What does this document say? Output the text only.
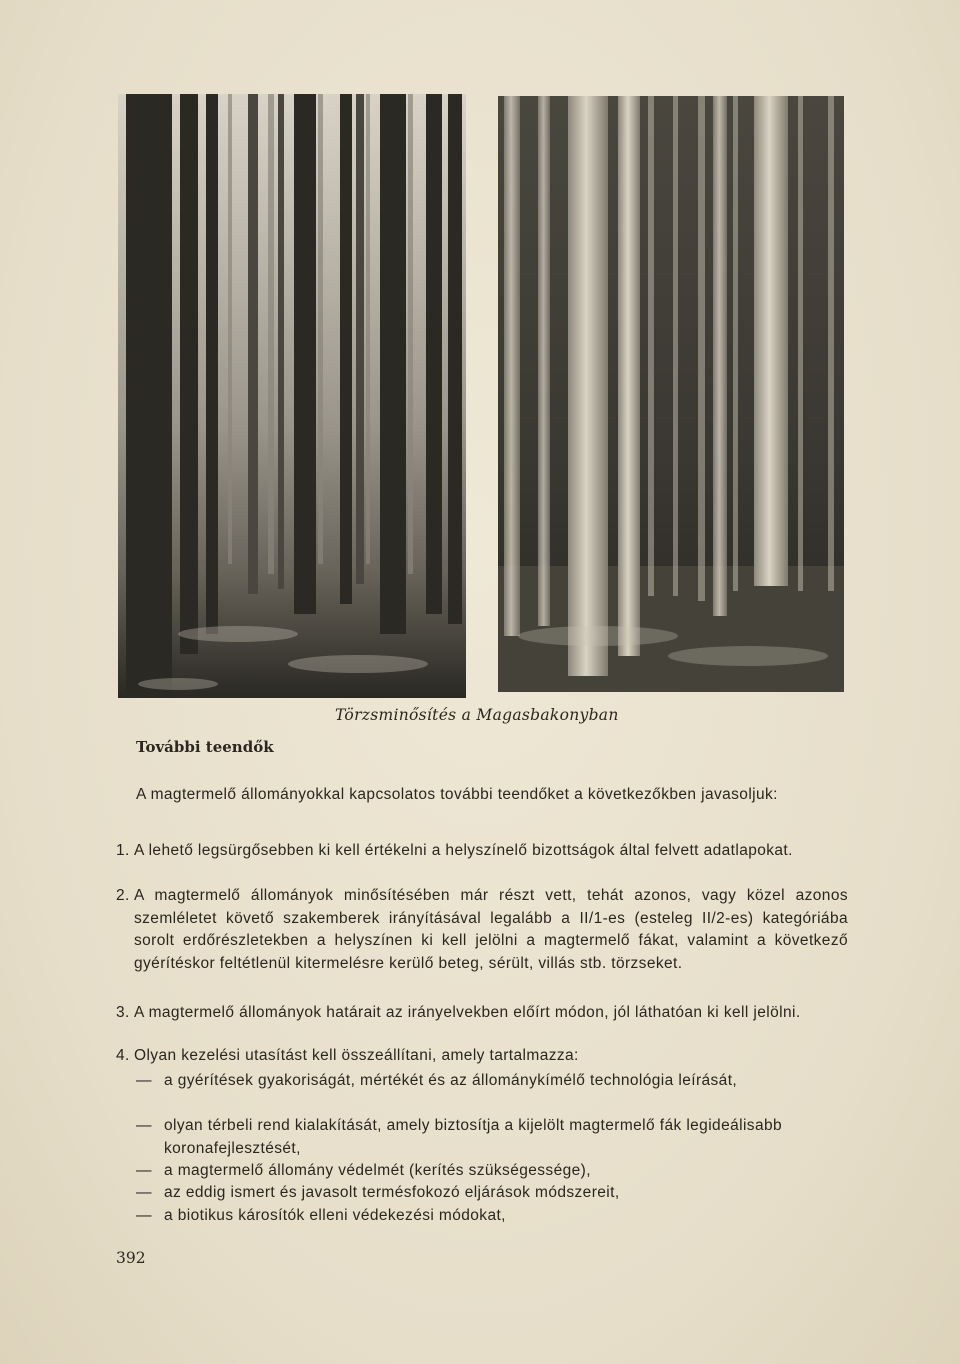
Törzsminősítés a Magasbakonyban
További teendők
A magtermelő állományokkal kapcsolatos további teendőket a következőkben javasoljuk:
1. A lehető legsürgősebben ki kell értékelni a helyszínelő bizottságok által felvett adatlapokat.
2. A magtermelő állományok minősítésében már részt vett, tehát azonos, vagy közel azonos szemléletet követő szakemberek irányításával legalább a II/1-es (esteleg II/2-es) kategóriába sorolt erdőrészletekben a helyszínen ki kell jelölni a magtermelő fákat, valamint a következő gyérítéskor feltétlenül kitermelésre kerülő beteg, sérült, villás stb. törzseket.
3. A magtermelő állományok határait az irányelvekben előírt módon, jól láthatóan ki kell jelölni.
4. Olyan kezelési utasítást kell összeállítani, amely tartalmazza:
— a gyérítések gyakoriságát, mértékét és az állománykímélő technológia leírását,
— olyan térbeli rend kialakítását, amely biztosítja a kijelölt magtermelő fák legideálisabb koronafejlesztését,
— a magtermelő állomány védelmét (kerítés szükségessége),
— az eddig ismert és javasolt termésfokozó eljárások módszereit,
— a biotikus károsítók elleni védekezési módokat,
392
